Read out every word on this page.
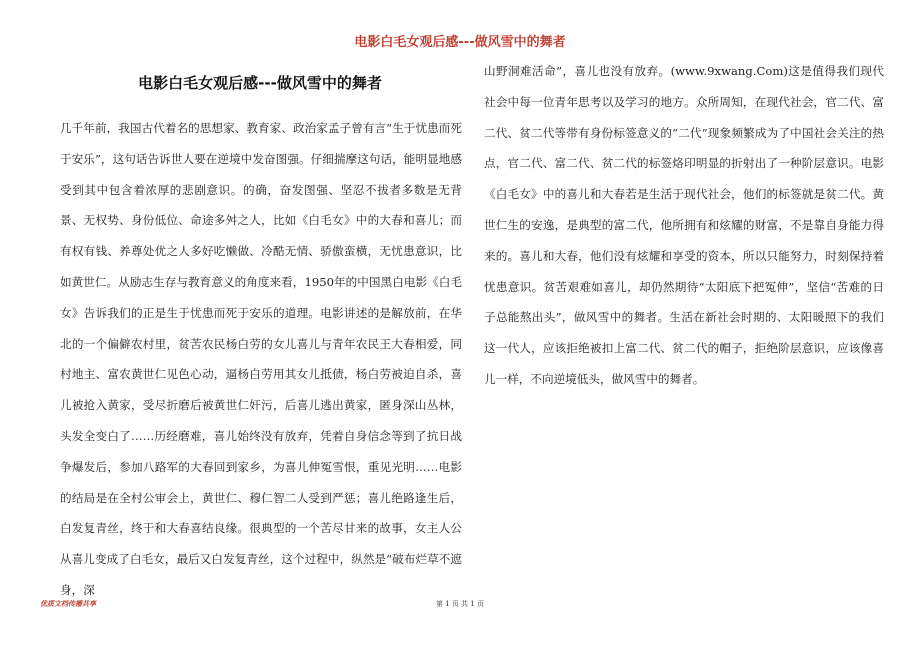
电影白毛女观后感---做风雪中的舞者
电影白毛女观后感---做风雪中的舞者
几千年前，我国古代着名的思想家、教育家、政治家孟子曾有言“生于忧患而死于安乐”，这句话告诉世人要在逆境中发奋图强。仔细揣摩这句话，能明显地感受到其中包含着浓厚的悲剧意识。的确，奋发图强、坚忍不拔者多数是无背景、无权势、身份低位、命途多舛之人，比如《白毛女》中的大春和喜儿；而有权有钱、养尊处优之人多好吃懒做、冷酷无情、骄傲蛮横，无忧患意识，比如黄世仁。从励志生存与教育意义的角度来看，1950年的中国黑白电影《白毛女》告诉我们的正是生于忧患而死于安乐的道理。电影讲述的是解放前，在华北的一个偏僻农村里，贫苦农民杨白劳的女儿喜儿与青年农民王大春相爱，同村地主、富农黄世仁见色心动，逼杨白劳用其女儿抵债，杨白劳被迫自杀，喜儿被抢入黄家，受尽折磨后被黄世仁奸污，后喜儿逃出黄家，匿身深山丛林，头发全变白了……历经磨难，喜儿始终没有放弃，凭着自身信念等到了抗日战争爆发后，参加八路军的大春回到家乡，为喜儿伸冤雪恨，重见光明……电影的结局是在全村公审会上，黄世仁、穆仁智二人受到严惩；喜儿绝路逢生后，白发复青丝，终于和大春喜结良缘。很典型的一个苦尽甘来的故事，女主人公从喜儿变成了白毛女，最后又白发复青丝，这个过程中，纵然是“破布烂草不遮身，深
山野洞难活命”，喜儿也没有放弃。(www.9xwang.Com)这是值得我们现代社会中每一位青年思考以及学习的地方。众所周知，在现代社会，官二代、富二代、贫二代等带有身份标签意义的“二代”现象频繁成为了中国社会关注的热点，官二代、富二代、贫二代的标签烙印明显的折射出了一种阶层意识。电影《白毛女》中的喜儿和大春若是生活于现代社会，他们的标签就是贫二代。黄世仁生的安逸，是典型的富二代，他所拥有和炫耀的财富，不是靠自身能力得来的。喜儿和大春，他们没有炫耀和享受的资本，所以只能努力，时刻保持着忧患意识。贫苦艰难如喜儿，却仍然期待“太阳底下把冤伸”，坚信“苦难的日子总能熬出头”，做风雪中的舞者。生活在新社会时期的、太阳暖照下的我们这一代人，应该拒绝被扣上富二代、贫二代的帽子，拒绝阶层意识，应该像喜儿一样，不向逆境低头，做风雪中的舞者。
优质文档传播共享	第 1 页 共 1 页
